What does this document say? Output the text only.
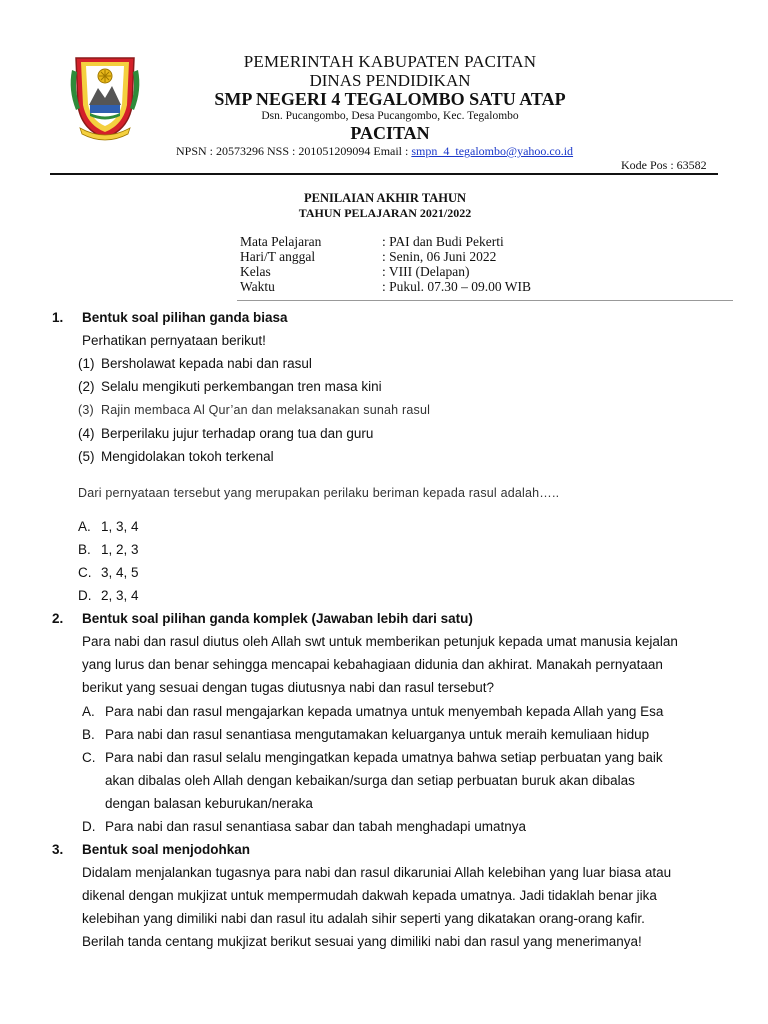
PEMERINTAH KABUPATEN PACITAN
DINAS PENDIDIKAN
SMP NEGERI 4 TEGALOMBO SATU ATAP
Dsn. Pucangombo, Desa Pucangombo, Kec. Tegalombo
PACITAN
NPSN : 20573296 NSS : 201051209094 Email : smpn_4_tegalombo@yahoo.co.id
Kode Pos : 63582
PENILAIAN AKHIR TAHUN
TAHUN PELAJARAN 2021/2022
Mata Pelajaran	: PAI dan Budi Pekerti
Hari/T anggal	: Senin, 06 Juni 2022
Kelas	: VIII (Delapan)
Waktu	: Pukul. 07.30 – 09.00 WIB
1. Bentuk soal pilihan ganda biasa
Perhatikan pernyataan berikut!
(1) Bersholawat kepada nabi dan rasul
(2) Selalu mengikuti perkembangan tren masa kini
(3) Rajin membaca Al Qur’an dan melaksanakan sunah rasul
(4) Berperilaku jujur terhadap orang tua dan guru
(5) Mengidolakan tokoh terkenal
Dari pernyataan tersebut yang merupakan perilaku beriman kepada rasul adalah…..
A. 1, 3, 4
B. 1, 2, 3
C. 3, 4, 5
D. 2, 3, 4
2. Bentuk soal pilihan ganda komplek (Jawaban lebih dari satu)
Para nabi dan rasul diutus oleh Allah swt untuk memberikan petunjuk kepada umat manusia kejalan
yang lurus dan benar sehingga mencapai kebahagiaan didunia dan akhirat. Manakah pernyataan
berikut yang sesuai dengan tugas diutusnya nabi dan rasul tersebut?
A. Para nabi dan rasul mengajarkan kepada umatnya untuk menyembah kepada Allah yang Esa
B. Para nabi dan rasul senantiasa mengutamakan keluarganya untuk meraih kemuliaan hidup
C. Para nabi dan rasul selalu mengingatkan kepada umatnya bahwa setiap perbuatan yang baik
akan dibalas oleh Allah dengan kebaikan/surga dan setiap perbuatan buruk akan dibalas
dengan balasan keburukan/neraka
D. Para nabi dan rasul senantiasa sabar dan tabah menghadapi umatnya
3. Bentuk soal menjodohkan
Didalam menjalankan tugasnya para nabi dan rasul dikaruniai Allah kelebihan yang luar biasa atau
dikenal dengan mukjizat untuk mempermudah dakwah kepada umatnya. Jadi tidaklah benar jika
kelebihan yang dimiliki nabi dan rasul itu adalah sihir seperti yang dikatakan orang-orang kafir.
Berilah tanda centang mukjizat berikut sesuai yang dimiliki nabi dan rasul yang menerimanya!
